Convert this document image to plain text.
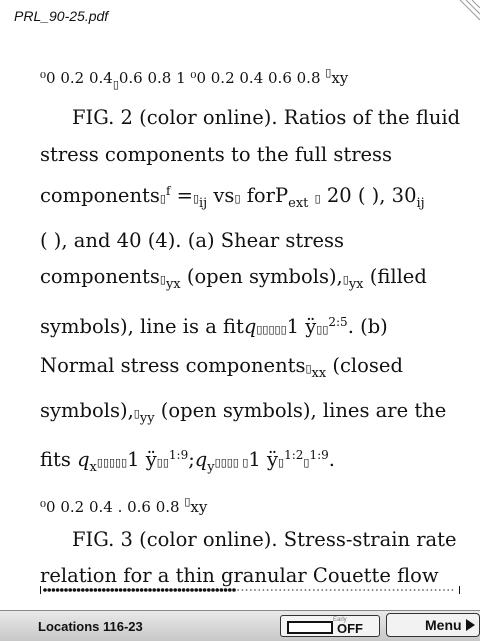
PRL_90-25.pdf
⁰0 0.2 $0.4_▯0.6$ 0.8 1 ⁰0 0.2 0.4 0.6 0.8 ▯xy
FIG. 2 (color online). Ratios of the fluid
stress components to the full stress
components▯$^f$ $=▯_{ij}$ vs▯ forP$_{ext}$ ▯ 20 ( ), $30_{ij}$
( ), and 40 (4). (a) Shear stress
$components▯_{yx}$ (open $symbols),▯_{yx}$ (filled
symbols), line is a fitq▯▯▯▯▯1 ÿ▯▯$^{2:5}$. (b)
Normal stress $components▯_{xx}$ (closed
$symbols),▯_{yy}$ (open symbols), lines are the
fits $q_x▯▯▯▯▯1$ $ÿ▯▯^{1:9};q_y▯▯▯▯$ ▯1 ÿ▯$^{1:2}$▯$^{1:9}$.
⁰0 0.2 0.4 . 0.6 0.8 ▯xy
FIG. 3 (color online). Stress-strain rate
relation for a thin granular Couette flow
Locations 116-23	Early
OFF	Menu
